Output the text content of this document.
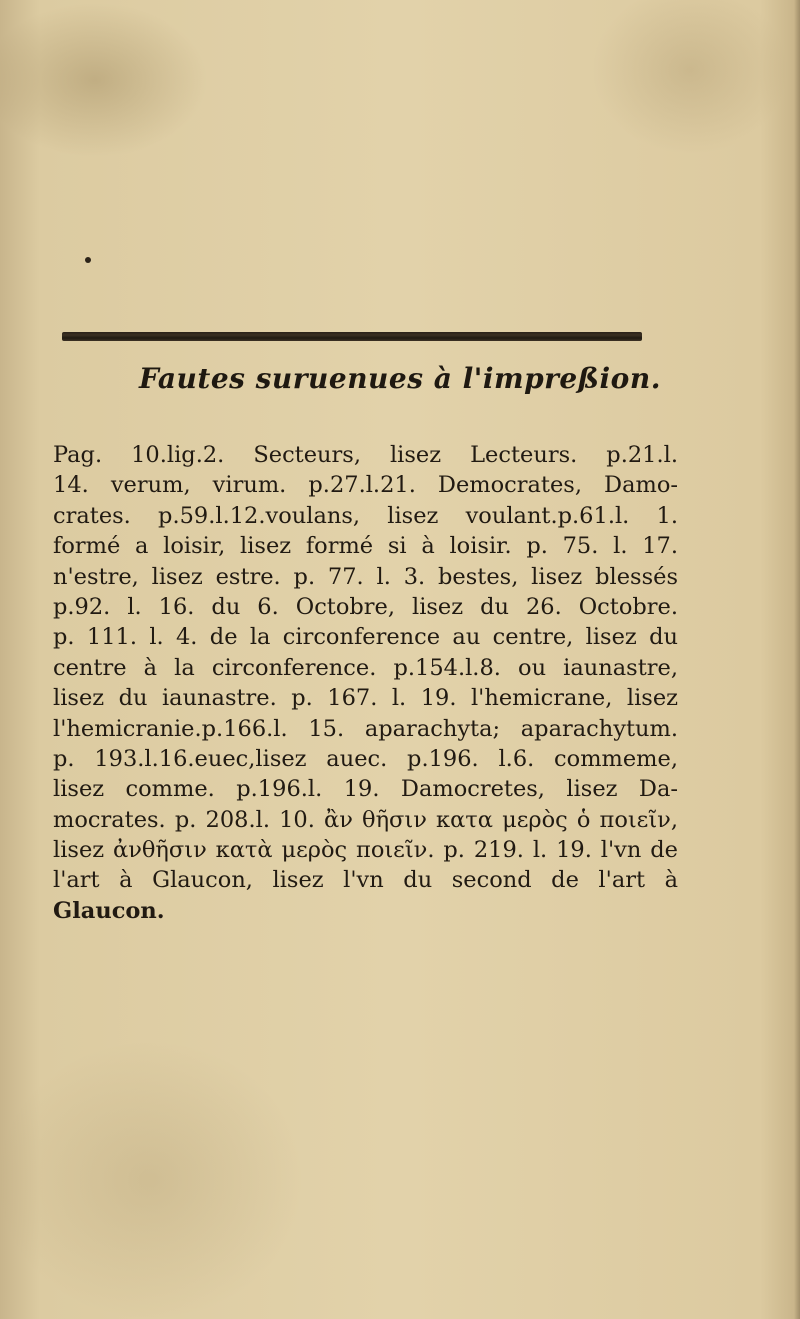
Fautes suruenues à l'impreßion.
Pag. 10.lig.2. Secteurs, lisez Lecteurs. p.21.l.
14. verum, virum. p.27.l.21. Democrates, Damo-
crates. p.59.l.12.voulans, lisez voulant.p.61.l. 1.
formé a loisir, lisez formé si à loisir. p. 75. l. 17.
n'estre, lisez estre. p. 77. l. 3. bestes, lisez blessés
p.92. l. 16. du 6. Octobre, lisez du 26. Octobre.
p. 111. l. 4. de la circonference au centre, lisez du
centre à la circonference. p.154.l.8. ou iaunastre,
lisez du iaunastre. p. 167. l. 19. l'hemicrane, lisez
l'hemicranie.p.166.l. 15. aparachyta; aparachytum.
p. 193.l.16.euec,lisez auec. p.196. l.6. commeme,
lisez comme. p.196.l. 19. Damocretes, lisez Da-
mocrates. p. 208.l. 10. ἂν θῆσιν κατα μερὸς ὁ ποιεῖν,
lisez ἀνθῆσιν κατὰ μερὸς ποιεῖν. p. 219. l. 19. l'vn de
l'art à Glaucon, lisez l'vn du second de l'art à
Glaucon.
